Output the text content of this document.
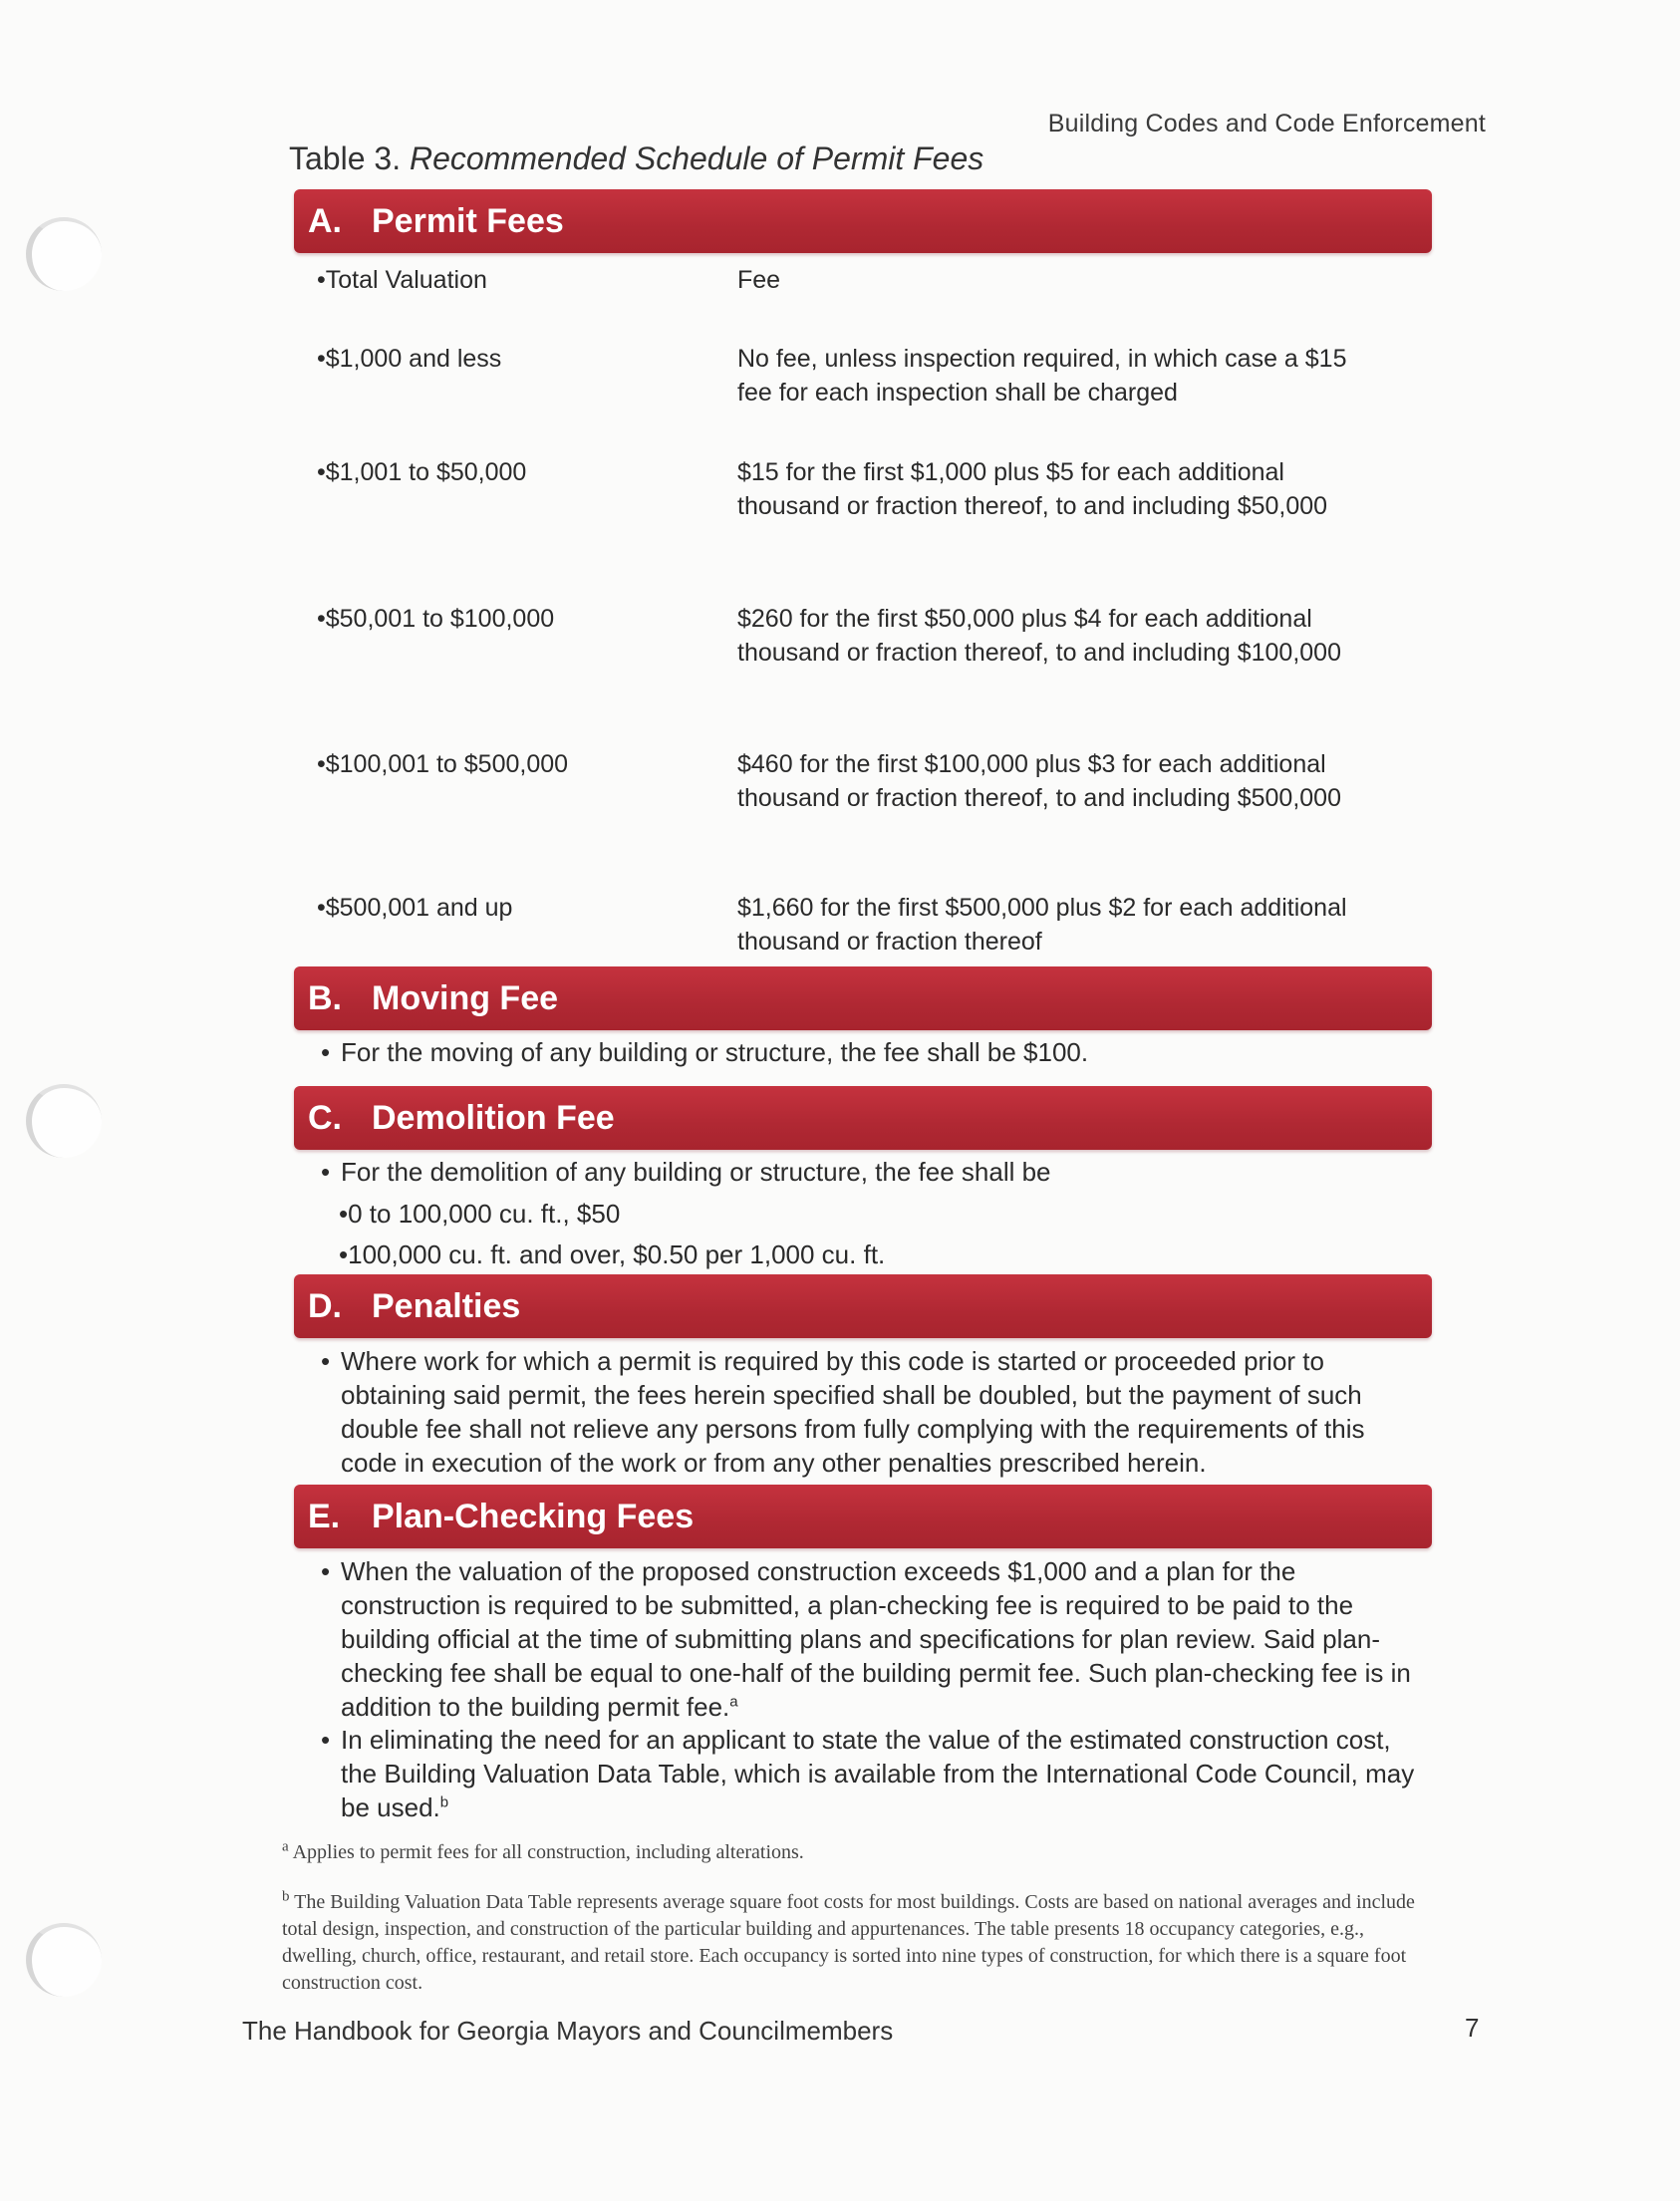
Building Codes and Code Enforcement
Table 3. Recommended Schedule of Permit Fees
A. Permit Fees
•Total Valuation	Fee
•$1,000 and less	No fee, unless inspection required, in which case a $15 fee for each inspection shall be charged
•$1,001 to $50,000	$15 for the first $1,000 plus $5 for each additional thousand or fraction thereof, to and including $50,000
•$50,001 to $100,000	$260 for the first $50,000 plus $4 for each additional thousand or fraction thereof, to and including $100,000
•$100,001 to $500,000	$460 for the first $100,000 plus $3 for each additional thousand or fraction thereof, to and including $500,000
•$500,001 and up	$1,660 for the first $500,000 plus $2 for each additional thousand or fraction thereof
B. Moving Fee
• For the moving of any building or structure, the fee shall be $100.
C. Demolition Fee
• For the demolition of any building or structure, the fee shall be
•0 to 100,000 cu. ft., $50
•100,000 cu. ft. and over, $0.50 per 1,000 cu. ft.
D. Penalties
• Where work for which a permit is required by this code is started or proceeded prior to obtaining said permit, the fees herein specified shall be doubled, but the payment of such double fee shall not relieve any persons from fully complying with the requirements of this code in execution of the work or from any other penalties prescribed herein.
E. Plan-Checking Fees
• When the valuation of the proposed construction exceeds $1,000 and a plan for the construction is required to be submitted, a plan-checking fee is required to be paid to the building official at the time of submitting plans and specifications for plan review. Said plan-checking fee shall be equal to one-half of the building permit fee. Such plan-checking fee is in addition to the building permit fee.$^a$
• In eliminating the need for an applicant to state the value of the estimated construction cost, the Building Valuation Data Table, which is available from the International Code Council, may be used.$^b$
$^a$ Applies to permit fees for all construction, including alterations.
$^b$ The Building Valuation Data Table represents average square foot costs for most buildings. Costs are based on national averages and include total design, inspection, and construction of the particular building and appurtenances. The table presents 18 occupancy categories, e.g., dwelling, church, office, restaurant, and retail store. Each occupancy is sorted into nine types of construction, for which there is a square foot construction cost.
The Handbook for Georgia Mayors and Councilmembers	7
